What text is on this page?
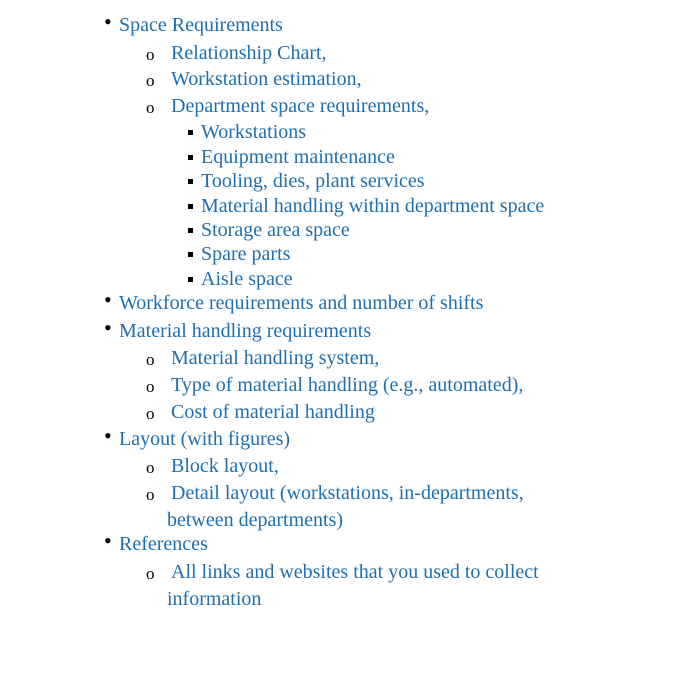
• Space Requirements
o Relationship Chart,
o Workstation estimation,
o Department space requirements,
Workstations
Equipment maintenance
Tooling, dies, plant services
Material handling within department space
Storage area space
Spare parts
Aisle space
• Workforce requirements and number of shifts
• Material handling requirements
o Material handling system,
o Type of material handling (e.g., automated),
o Cost of material handling
• Layout (with figures)
o Block layout,
o Detail layout (workstations, in-departments,
between departments)
• References
o All links and websites that you used to collect
information
